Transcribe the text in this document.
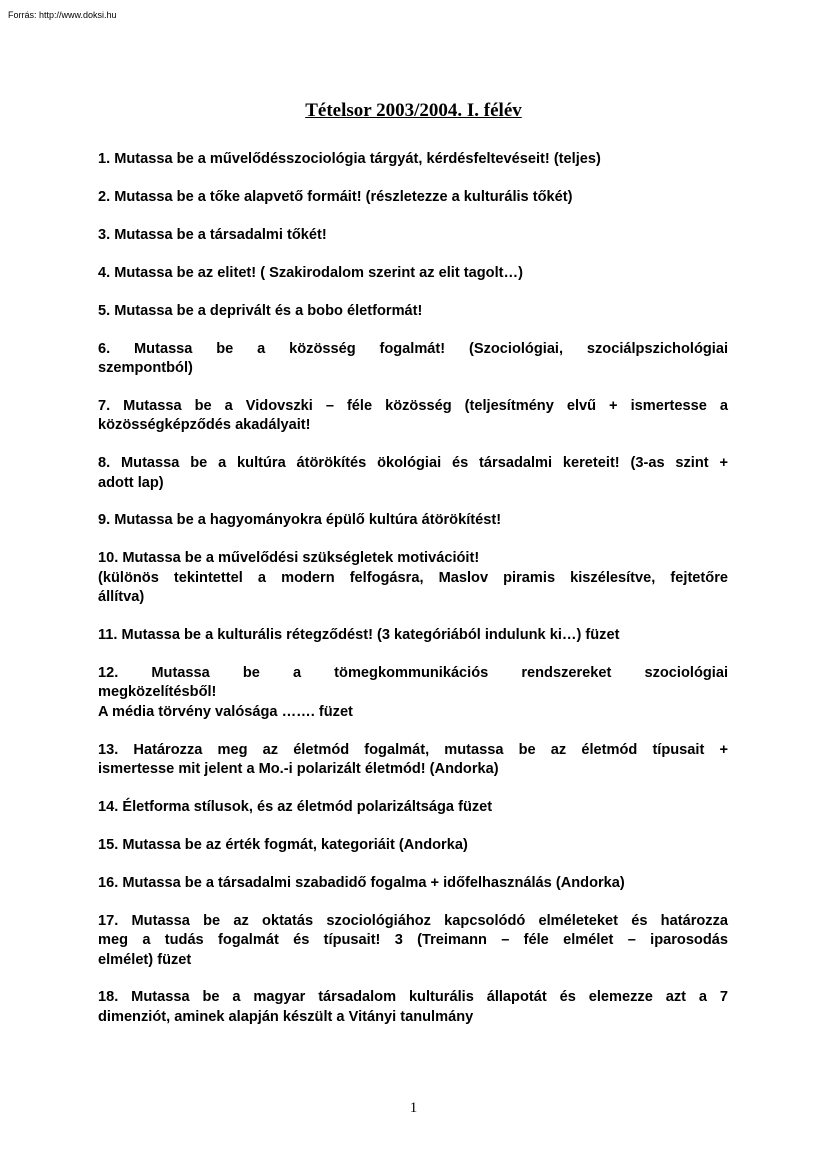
Forrás: http://www.doksi.hu
Tételsor 2003/2004. I. félév
1. Mutassa be a művelődésszociológia tárgyát, kérdésfeltevéseit! (teljes)
2. Mutassa be a tőke alapvető formáit! (részletezze a kulturális tőkét)
3. Mutassa be a társadalmi tőkét!
4. Mutassa be az elitet! ( Szakirodalom szerint az elit tagolt…)
5. Mutassa be a deprivált és a bobo életformát!
6. Mutassa be a közösség fogalmát! (Szociológiai, szociálpszichológiai
szempontból)
7. Mutassa be a Vidovszki – féle közösség (teljesítmény elvű + ismertesse a
közösségképződés akadályait!
8. Mutassa be a kultúra átörökítés ökológiai és társadalmi kereteit! (3-as szint +
adott lap)
9. Mutassa be a hagyományokra épülő kultúra átörökítést!
10. Mutassa be a művelődési szükségletek motivációit!
(különös tekintettel a modern felfogásra, Maslov piramis kiszélesítve, fejtetőre
állítva)
11. Mutassa be a kulturális rétegződést! (3 kategóriából indulunk ki…) füzet
12. Mutassa be a tömegkommunikációs rendszereket szociológiai
megközelítésből!
A média törvény valósága ……. füzet
13. Határozza meg az életmód fogalmát, mutassa be az életmód típusait +
ismertesse mit jelent a Mo.-i polarizált életmód! (Andorka)
14. Életforma stílusok, és az életmód polarizáltsága füzet
15. Mutassa be az érték fogmát, kategoriáit (Andorka)
16. Mutassa be a társadalmi szabadidő fogalma + időfelhasználás (Andorka)
17. Mutassa be az oktatás szociológiához kapcsolódó elméleteket és határozza
meg a tudás fogalmát és típusait! 3 (Treimann – féle elmélet – iparosodás
elmélet) füzet
18. Mutassa be a magyar társadalom kulturális állapotát és elemezze azt a 7
dimenziót, aminek alapján készült a Vitányi tanulmány
1
